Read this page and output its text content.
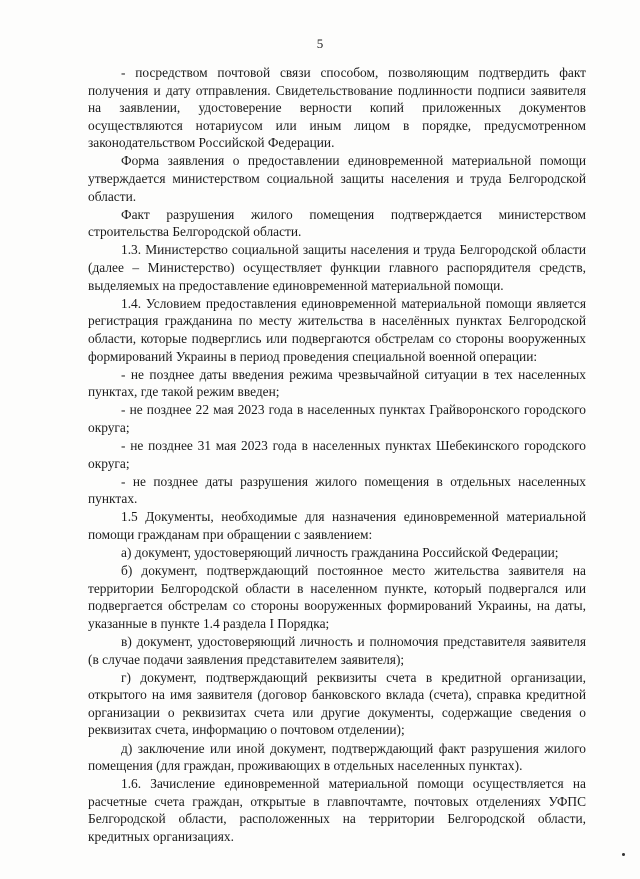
5

- посредством почтовой связи способом, позволяющим подтвердить факт получения и дату отправления. Свидетельствование подлинности подписи заявителя на заявлении, удостоверение верности копий приложенных документов осуществляются нотариусом или иным лицом в порядке, предусмотренном законодательством Российской Федерации.

Форма заявления о предоставлении единовременной материальной помощи утверждается министерством социальной защиты населения и труда Белгородской области.

Факт разрушения жилого помещения подтверждается министерством строительства Белгородской области.

1.3. Министерство социальной защиты населения и труда Белгородской области (далее – Министерство) осуществляет функции главного распорядителя средств, выделяемых на предоставление единовременной материальной помощи.

1.4. Условием предоставления единовременной материальной помощи является регистрация гражданина по месту жительства в населённых пунктах Белгородской области, которые подверглись или подвергаются обстрелам со стороны вооруженных формирований Украины в период проведения специальной военной операции:

- не позднее даты введения режима чрезвычайной ситуации в тех населенных пунктах, где такой режим введен;

- не позднее 22 мая 2023 года в населенных пунктах Грайворонского городского округа;

- не позднее 31 мая 2023 года в населенных пунктах Шебекинского городского округа;

- не позднее даты разрушения жилого помещения в отдельных населенных пунктах.

1.5 Документы, необходимые для назначения единовременной материальной помощи гражданам при обращении с заявлением:

а) документ, удостоверяющий личность гражданина Российской Федерации;

б) документ, подтверждающий постоянное место жительства заявителя на территории Белгородской области в населенном пункте, который подвергался или подвергается обстрелам со стороны вооруженных формирований Украины, на даты, указанные в пункте 1.4 раздела I Порядка;

в) документ, удостоверяющий личность и полномочия представителя заявителя (в случае подачи заявления представителем заявителя);

г) документ, подтверждающий реквизиты счета в кредитной организации, открытого на имя заявителя (договор банковского вклада (счета), справка кредитной организации о реквизитах счета или другие документы, содержащие сведения о реквизитах счета, информацию о почтовом отделении);

д) заключение или иной документ, подтверждающий факт разрушения жилого помещения (для граждан, проживающих в отдельных населенных пунктах).

1.6. Зачисление единовременной материальной помощи осуществляется на расчетные счета граждан, открытые в главпочтамте, почтовых отделениях УФПС Белгородской области, расположенных на территории Белгородской области, кредитных организациях.
